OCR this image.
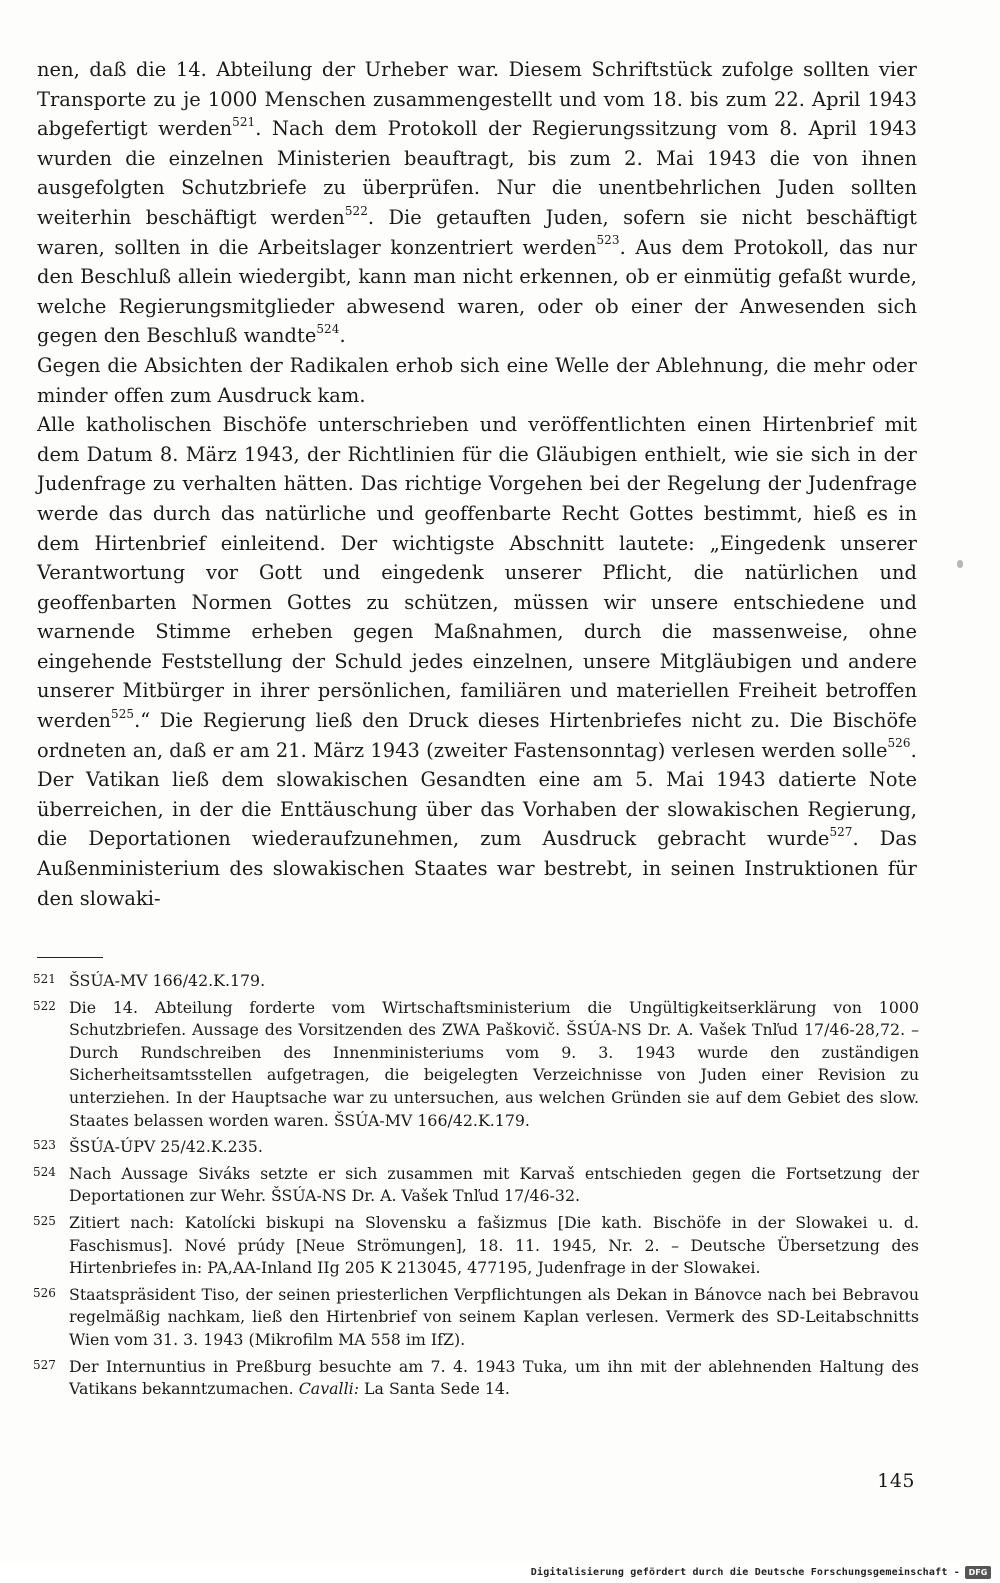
nen, daß die 14. Abteilung der Urheber war. Diesem Schriftstück zufolge sollten vier Transporte zu je 1000 Menschen zusammengestellt und vom 18. bis zum 22. April 1943 abgefertigt werden$^{521}$. Nach dem Protokoll der Regierungssitzung vom 8. April 1943 wurden die einzelnen Ministerien beauftragt, bis zum 2. Mai 1943 die von ihnen ausgefolgten Schutzbriefe zu überprüfen. Nur die unentbehrlichen Juden sollten weiterhin beschäftigt werden$^{522}$. Die getauften Juden, sofern sie nicht beschäftigt waren, sollten in die Arbeitslager konzentriert werden$^{523}$. Aus dem Protokoll, das nur den Beschluß allein wiedergibt, kann man nicht erkennen, ob er einmütig gefaßt wurde, welche Regierungsmitglieder abwesend waren, oder ob einer der Anwesenden sich gegen den Beschluß wandte$^{524}$.

Gegen die Absichten der Radikalen erhob sich eine Welle der Ablehnung, die mehr oder minder offen zum Ausdruck kam.

Alle katholischen Bischöfe unterschrieben und veröffentlichten einen Hirtenbrief mit dem Datum 8. März 1943, der Richtlinien für die Gläubigen enthielt, wie sie sich in der Judenfrage zu verhalten hätten. Das richtige Vorgehen bei der Regelung der Judenfrage werde das durch das natürliche und geoffenbarte Recht Gottes bestimmt, hieß es in dem Hirtenbrief einleitend. Der wichtigste Abschnitt lautete: „Eingedenk unserer Verantwortung vor Gott und eingedenk unserer Pflicht, die natürlichen und geoffenbarten Normen Gottes zu schützen, müssen wir unsere entschiedene und warnende Stimme erheben gegen Maßnahmen, durch die massenweise, ohne eingehende Feststellung der Schuld jedes einzelnen, unsere Mitgläubigen und andere unserer Mitbürger in ihrer persönlichen, familiären und materiellen Freiheit betroffen werden$^{525}$.“ Die Regierung ließ den Druck dieses Hirtenbriefes nicht zu. Die Bischöfe ordneten an, daß er am 21. März 1943 (zweiter Fastensonntag) verlesen werden solle$^{526}$.

Der Vatikan ließ dem slowakischen Gesandten eine am 5. Mai 1943 datierte Note überreichen, in der die Enttäuschung über das Vorhaben der slowakischen Regierung, die Deportationen wiederaufzunehmen, zum Ausdruck gebracht wurde$^{527}$. Das Außenministerium des slowakischen Staates war bestrebt, in seinen Instruktionen für den slowaki-

521 ŠSÚA-MV 166/42.K.179.
522 Die 14. Abteilung forderte vom Wirtschaftsministerium die Ungültigkeitserklärung von 1000 Schutzbriefen. Aussage des Vorsitzenden des ZWA Paškovič. ŠSÚA-NS Dr. A. Vašek Tnľud 17/46-28,72. – Durch Rundschreiben des Innenministeriums vom 9. 3. 1943 wurde den zuständigen Sicherheitsamtsstellen aufgetragen, die beigelegten Verzeichnisse von Juden einer Revision zu unterziehen. In der Hauptsache war zu untersuchen, aus welchen Gründen sie auf dem Gebiet des slow. Staates belassen worden waren. ŠSÚA-MV 166/42.K.179.
523 ŠSÚA-ÚPV 25/42.K.235.
524 Nach Aussage Siváks setzte er sich zusammen mit Karvaš entschieden gegen die Fortsetzung der Deportationen zur Wehr. ŠSÚA-NS Dr. A. Vašek Tnľud 17/46-32.
525 Zitiert nach: Katolícki biskupi na Slovensku a fašizmus [Die kath. Bischöfe in der Slowakei u. d. Faschismus]. Nové prúdy [Neue Strömungen], 18. 11. 1945, Nr. 2. – Deutsche Übersetzung des Hirtenbriefes in: PA,AA-Inland IIg 205 K 213045, 477195, Judenfrage in der Slowakei.
526 Staatspräsident Tiso, der seinen priesterlichen Verpflichtungen als Dekan in Bánovce nach bei Bebravou regelmäßig nachkam, ließ den Hirtenbrief von seinem Kaplan verlesen. Vermerk des SD-Leitabschnitts Wien vom 31. 3. 1943 (Mikrofilm MA 558 im IfZ).
527 Der Internuntius in Preßburg besuchte am 7. 4. 1943 Tuka, um ihn mit der ablehnenden Haltung des Vatikans bekanntzumachen. Cavalli: La Santa Sede 14.
145
Digitalisierung gefördert durch die Deutsche Forschungsgemeinschaft -	DFG
